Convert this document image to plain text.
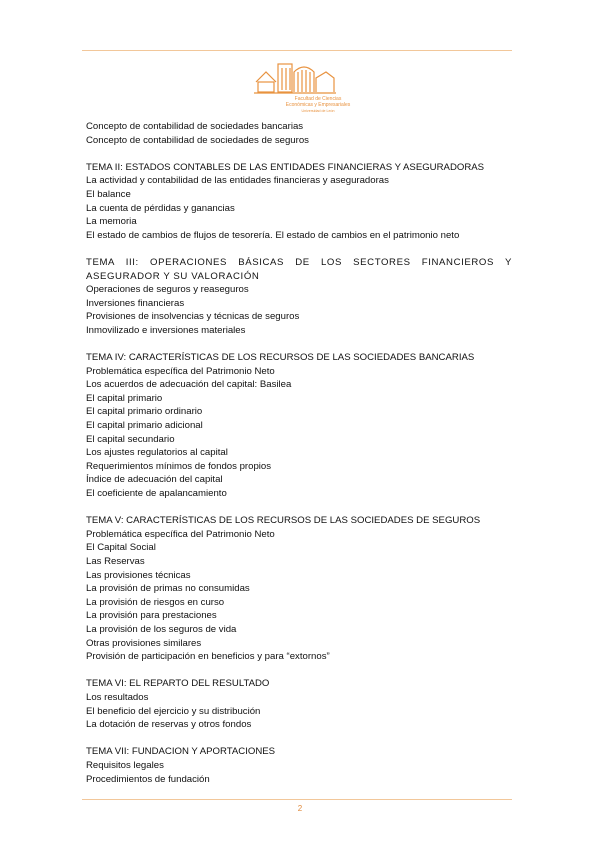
Facultad de Ciencias
Económicas y Empresariales
Universidad de León
Concepto de contabilidad de sociedades bancarias
Concepto de contabilidad de sociedades de seguros
TEMA II: ESTADOS CONTABLES DE LAS ENTIDADES FINANCIERAS Y ASEGURADORAS
La actividad y contabilidad de las entidades financieras y aseguradoras
El balance
La cuenta de pérdidas y ganancias
La memoria
El estado de cambios de flujos de tesorería. El estado de cambios en el patrimonio neto
TEMA III: OPERACIONES BÁSICAS DE LOS SECTORES FINANCIEROS Y ASEGURADOR Y SU VALORACIÓN
Operaciones de seguros y reaseguros
Inversiones financieras
Provisiones de insolvencias y técnicas de seguros
Inmovilizado e inversiones materiales
TEMA IV: CARACTERÍSTICAS DE LOS RECURSOS DE LAS SOCIEDADES BANCARIAS
Problemática específica del Patrimonio Neto
Los acuerdos de adecuación del capital: Basilea
El capital primario
El capital primario ordinario
El capital primario adicional
El capital secundario
Los ajustes regulatorios al capital
Requerimientos mínimos de fondos propios
Índice de adecuación del capital
El coeficiente de apalancamiento
TEMA V: CARACTERÍSTICAS DE LOS RECURSOS DE LAS SOCIEDADES DE SEGUROS
Problemática específica del Patrimonio Neto
El Capital Social
Las Reservas
Las provisiones técnicas
La provisión de primas no consumidas
La provisión de riesgos en curso
La provisión para prestaciones
La provisión de los seguros de vida
Otras provisiones similares
Provisión de participación en beneficios y para “extornos”
TEMA VI: EL REPARTO DEL RESULTADO
Los resultados
El beneficio del ejercicio y su distribución
La dotación de reservas y otros fondos
TEMA VII: FUNDACION Y APORTACIONES
Requisitos legales
Procedimientos de fundación
2
